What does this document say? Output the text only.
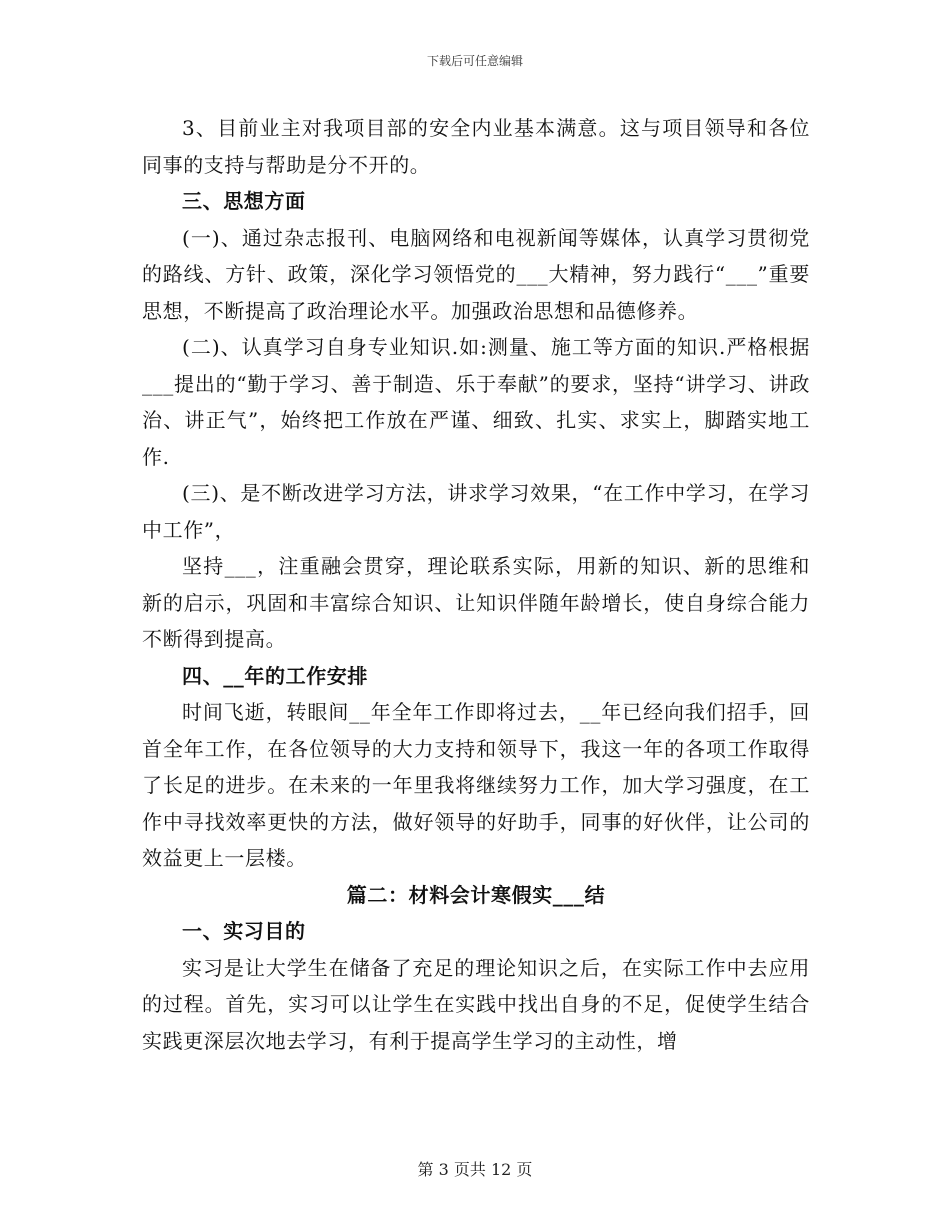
下载后可任意编辑

3、目前业主对我项目部的安全内业基本满意。这与项目领导和各位同事的支持与帮助是分不开的。

三、思想方面

(一)、通过杂志报刊、电脑网络和电视新闻等媒体，认真学习贯彻党的路线、方针、政策，深化学习领悟党的___大精神，努力践行“___”重要思想，不断提高了政治理论水平。加强政治思想和品德修养。

(二)、认真学习自身专业知识.如:测量、施工等方面的知识.严格根据___提出的“勤于学习、善于制造、乐于奉献”的要求，坚持“讲学习、讲政治、讲正气”，始终把工作放在严谨、细致、扎实、求实上，脚踏实地工作.

(三)、是不断改进学习方法，讲求学习效果，“在工作中学习，在学习中工作”，

坚持___，注重融会贯穿，理论联系实际，用新的知识、新的思维和新的启示，巩固和丰富综合知识、让知识伴随年龄增长，使自身综合能力不断得到提高。

四、__年的工作安排

时间飞逝，转眼间__年全年工作即将过去，__年已经向我们招手，回首全年工作，在各位领导的大力支持和领导下，我这一年的各项工作取得了长足的进步。在未来的一年里我将继续努力工作，加大学习强度，在工作中寻找效率更快的方法，做好领导的好助手，同事的好伙伴，让公司的效益更上一层楼。

篇二：材料会计寒假实___结

一、实习目的

实习是让大学生在储备了充足的理论知识之后，在实际工作中去应用的过程。首先，实习可以让学生在实践中找出自身的不足，促使学生结合实践更深层次地去学习，有利于提高学生学习的主动性，增

第 3 页共 12 页
